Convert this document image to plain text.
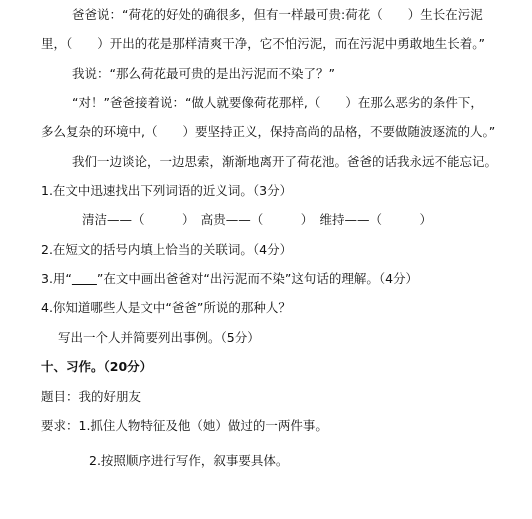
爸爸说：“荷花的好处的确很多，但有一样最可贵:荷花（　　）生长在污泥
里，（　　）开出的花是那样清爽干净，它不怕污泥，而在污泥中勇敢地生长着。”
我说：“那么荷花最可贵的是出污泥而不染了？”
“对！”爸爸接着说：“做人就要像荷花那样,（　　）在那么恶劣的条件下，
多么复杂的环境中,（　　）要坚持正义，保持高尚的品格，不要做随波逐流的人。”
我们一边谈论，一边思索，渐渐地离开了荷花池。爸爸的话我永远不能忘记。
1.在文中迅速找出下列词语的近义词。（3分）
清洁——（　　　）　高贵——（　　　）　维持——（　　　）
2.在短文的括号内填上恰当的关联词。（4分）
3.用“　　 ”在文中画出爸爸对“出污泥而不染”这句话的理解。（4分）
4.你知道哪些人是文中“爸爸”所说的那种人？
写出一个人并简要列出事例。（5分）
十、习作。（20分）
题目：我的好朋友
要求：1.抓住人物特征及他（她）做过的一两件事。
2.按照顺序进行写作，叙事要具体。
